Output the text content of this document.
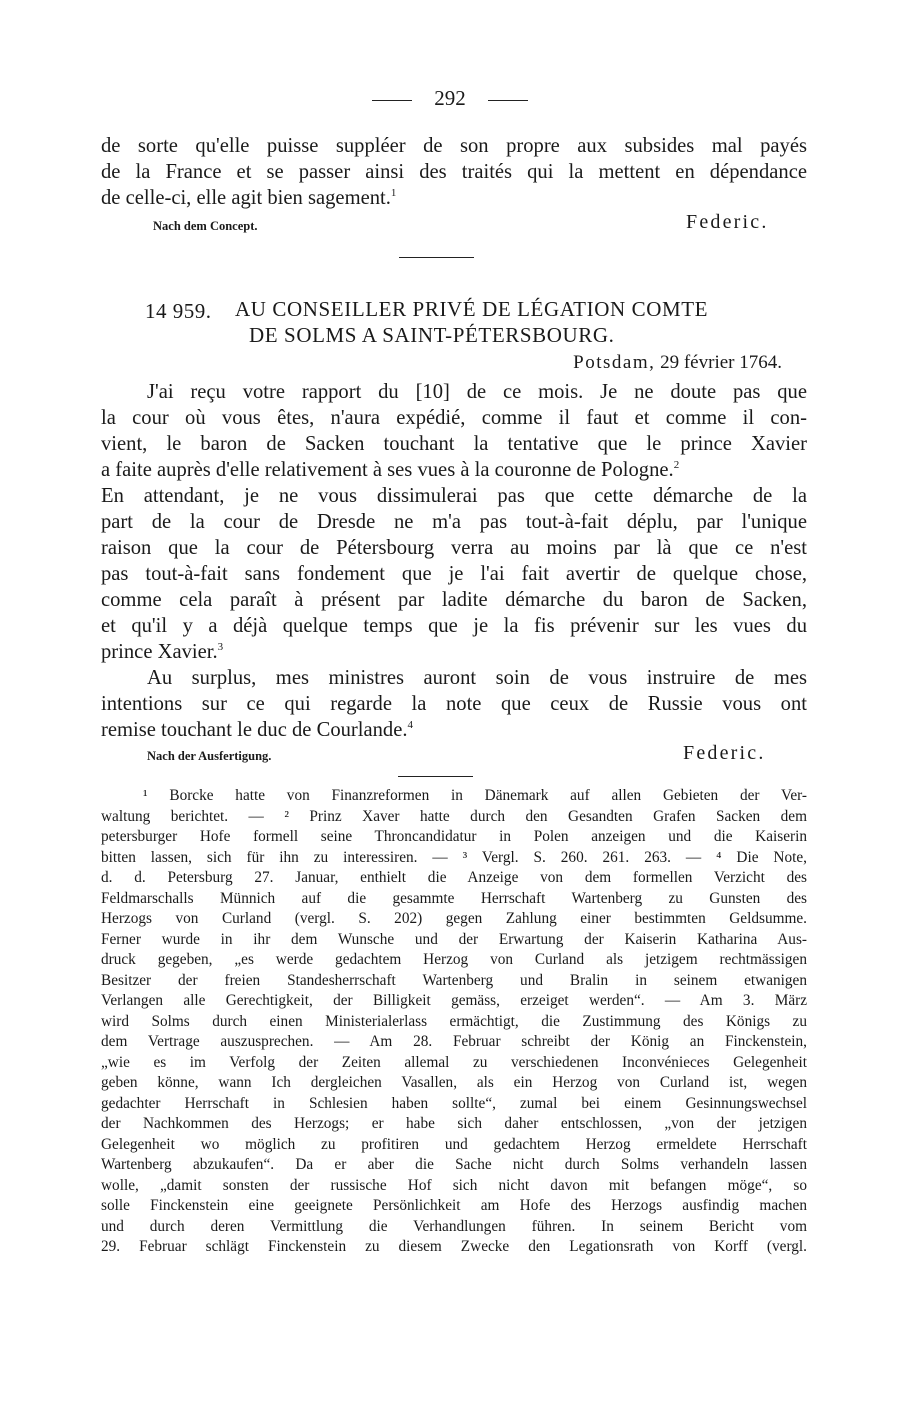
292
de sorte qu'elle puisse suppléer de son propre aux subsides mal payés
de la France et se passer ainsi des traités qui la mettent en dépendance
de celle-ci, elle agit bien sagement.$^1$
Nach dem Concept.	Federic.
14 959. AU CONSEILLER PRIVÉ DE LÉGATION COMTE
DE SOLMS A SAINT-PÉTERSBOURG.
Potsdam, 29 février 1764.
J'ai reçu votre rapport du [10] de ce mois. Je ne doute pas que
la cour où vous êtes, n'aura expédié, comme il faut et comme il con-
vient, le baron de Sacken touchant la tentative que le prince Xavier
a faite auprès d'elle relativement à ses vues à la couronne de Pologne.$^2$
En attendant, je ne vous dissimulerai pas que cette démarche de la
part de la cour de Dresde ne m'a pas tout-à-fait déplu, par l'unique
raison que la cour de Pétersbourg verra au moins par là que ce n'est
pas tout-à-fait sans fondement que je l'ai fait avertir de quelque chose,
comme cela paraît à présent par ladite démarche du baron de Sacken,
et qu'il y a déjà quelque temps que je la fis prévenir sur les vues du
prince Xavier.$^3$
Au surplus, mes ministres auront soin de vous instruire de mes
intentions sur ce qui regarde la note que ceux de Russie vous ont
remise touchant le duc de Courlande.$^4$
Nach der Ausfertigung.	Federic.
¹ Borcke hatte von Finanzreformen in Dänemark auf allen Gebieten der Ver-
waltung berichtet. — ² Prinz Xaver hatte durch den Gesandten Grafen Sacken dem
petersburger Hofe formell seine Throncandidatur in Polen anzeigen und die Kaiserin
bitten lassen, sich für ihn zu interessiren. — ³ Vergl. S. 260. 261. 263. — ⁴ Die Note,
d. d. Petersburg 27. Januar, enthielt die Anzeige von dem formellen Verzicht des
Feldmarschalls Münnich auf die gesammte Herrschaft Wartenberg zu Gunsten des
Herzogs von Curland (vergl. S. 202) gegen Zahlung einer bestimmten Geldsumme.
Ferner wurde in ihr dem Wunsche und der Erwartung der Kaiserin Katharina Aus-
druck gegeben, „es werde gedachtem Herzog von Curland als jetzigem rechtmässigen
Besitzer der freien Standesherrschaft Wartenberg und Bralin in seinem etwanigen
Verlangen alle Gerechtigkeit, der Billigkeit gemäss, erzeiget werden“. — Am 3. März
wird Solms durch einen Ministerialerlass ermächtigt, die Zustimmung des Königs zu
dem Vertrage auszusprechen. — Am 28. Februar schreibt der König an Finckenstein,
„wie es im Verfolg der Zeiten allemal zu verschiedenen Inconvénieces Gelegenheit
geben könne, wann Ich dergleichen Vasallen, als ein Herzog von Curland ist, wegen
gedachter Herrschaft in Schlesien haben sollte“, zumal bei einem Gesinnungswechsel
der Nachkommen des Herzogs; er habe sich daher entschlossen, „von der jetzigen
Gelegenheit wo möglich zu profitiren und gedachtem Herzog ermeldete Herrschaft
Wartenberg abzukaufen“. Da er aber die Sache nicht durch Solms verhandeln lassen
wolle, „damit sonsten der russische Hof sich nicht davon mit befangen möge“, so
solle Finckenstein eine geeignete Persönlichkeit am Hofe des Herzogs ausfindig machen
und durch deren Vermittlung die Verhandlungen führen. In seinem Bericht vom
29. Februar schlägt Finckenstein zu diesem Zwecke den Legationsrath von Korff (vergl.
